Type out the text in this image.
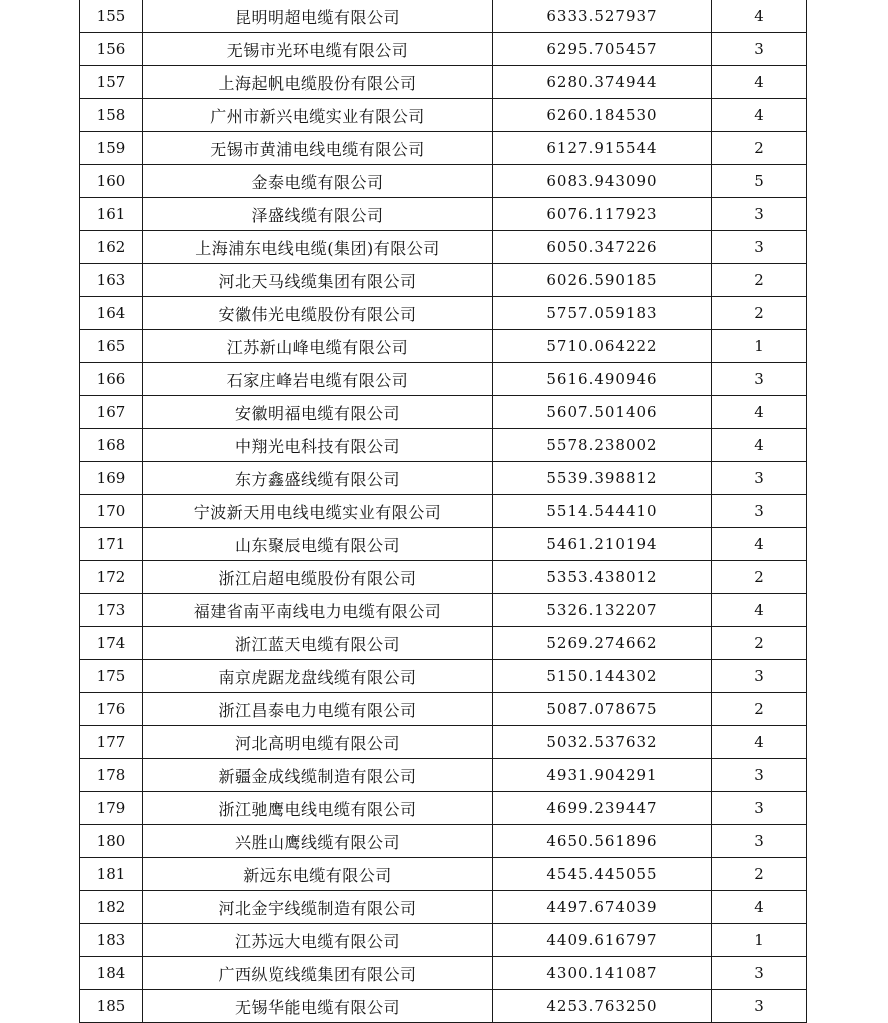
155	昆明明超电缆有限公司	6333.527937	4
156	无锡市光环电缆有限公司	6295.705457	3
157	上海起帆电缆股份有限公司	6280.374944	4
158	广州市新兴电缆实业有限公司	6260.184530	4
159	无锡市黄浦电线电缆有限公司	6127.915544	2
160	金泰电缆有限公司	6083.943090	5
161	泽盛线缆有限公司	6076.117923	3
162	上海浦东电线电缆(集团)有限公司	6050.347226	3
163	河北天马线缆集团有限公司	6026.590185	2
164	安徽伟光电缆股份有限公司	5757.059183	2
165	江苏新山峰电缆有限公司	5710.064222	1
166	石家庄峰岩电缆有限公司	5616.490946	3
167	安徽明福电缆有限公司	5607.501406	4
168	中翔光电科技有限公司	5578.238002	4
169	东方鑫盛线缆有限公司	5539.398812	3
170	宁波新天用电线电缆实业有限公司	5514.544410	3
171	山东聚辰电缆有限公司	5461.210194	4
172	浙江启超电缆股份有限公司	5353.438012	2
173	福建省南平南线电力电缆有限公司	5326.132207	4
174	浙江蓝天电缆有限公司	5269.274662	2
175	南京虎踞龙盘线缆有限公司	5150.144302	3
176	浙江昌泰电力电缆有限公司	5087.078675	2
177	河北高明电缆有限公司	5032.537632	4
178	新疆金成线缆制造有限公司	4931.904291	3
179	浙江驰鹰电线电缆有限公司	4699.239447	3
180	兴胜山鹰线缆有限公司	4650.561896	3
181	新远东电缆有限公司	4545.445055	2
182	河北金宇线缆制造有限公司	4497.674039	4
183	江苏远大电缆有限公司	4409.616797	1
184	广西纵览线缆集团有限公司	4300.141087	3
185	无锡华能电缆有限公司	4253.763250	3
